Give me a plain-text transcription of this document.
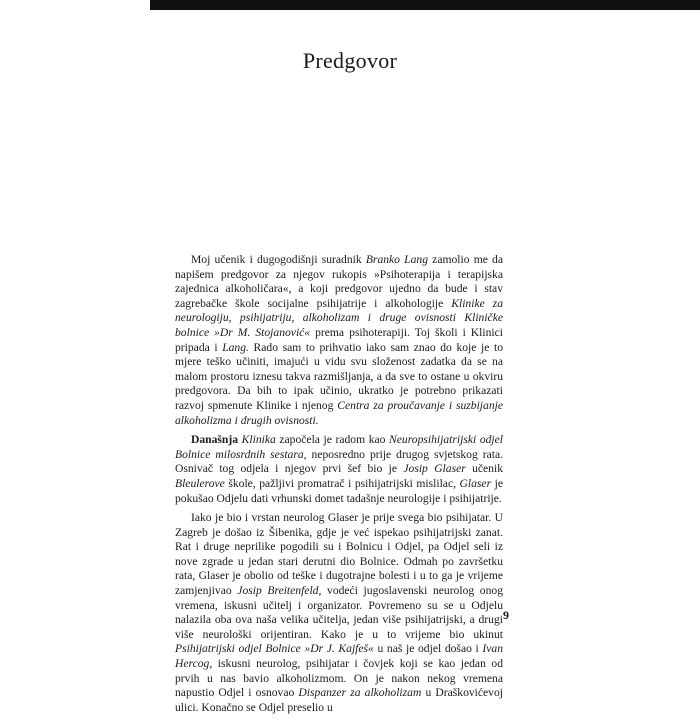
Predgovor

Moj učenik i dugogodišnji suradnik Branko Lang zamolio me da napišem predgovor za njegov rukopis »Psihoterapija i terapijska zajednica alkoholičara«, a koji predgovor ujedno da bude i stav zagrebačke škole socijalne psihijatrije i alkohologije Klinike za neurologiju, psihijatriju, alkoholizam i druge ovisnosti Kliničke bolnice »Dr M. Stojanović« prema psihoterapiji. Toj školi i Klinici pripada i Lang. Rado sam to prihvatio iako sam znao do koje je to mjere teško učiniti, imajući u vidu svu složenost zadatka da se na malom prostoru iznesu takva razmišljanja, a da sve to ostane u okviru predgovora. Da bih to ipak učinio, ukratko je potrebno prikazati razvoj spmenute Klinike i njenog Centra za proučavanje i suzbijanje alkoholizma i drugih ovisnosti.

Današnja Klinika započela je radom kao Neuropsihijatrijski odjel Bolnice milosrdnih sestara, neposredno prije drugog svjetskog rata. Osnivač tog odjela i njegov prvi šef bio je Josip Glaser učenik Bleulerove škole, pažljivi promatrač i psihijatrijski mislilac, Glaser je pokušao Odjelu dati vrhunski domet tadašnje neurologije i psihijatrije.

Iako je bio i vrstan neurolog Glaser je prije svega bio psihijatar. U Zagreb je došao iz Šibenika, gdje je već ispekao psihijatrijski zanat. Rat i druge neprilike pogodili su i Bolnicu i Odjel, pa Odjel seli iz nove zgrade u jedan stari derutni dio Bolnice. Odmah po završetku rata, Glaser je obolio od teške i dugotrajne bolesti i u to ga je vrijeme zamjenjivao Josip Breitenfeld, vodeći jugoslavenski neurolog onog vremena, iskusni učitelj i organizator. Povremeno su se u Odjelu nalazila oba ova naša velika učitelja, jedan više psihijatrijski, a drugi više neurološki orijentiran. Kako je u to vrijeme bio ukinut Psihijatrijski odjel Bolnice »Dr J. Kajfeš« u naš je odjel došao i Ivan Hercog, iskusni neurolog, psihijatar i čovjek koji se kao jedan od prvih u nas bavio alkoholizmom. On je nakon nekog vremena napustio Odjel i osnovao Dispanzer za alkoholizam u Draškovićevoj ulici. Konačno se Odjel preselio u

9
